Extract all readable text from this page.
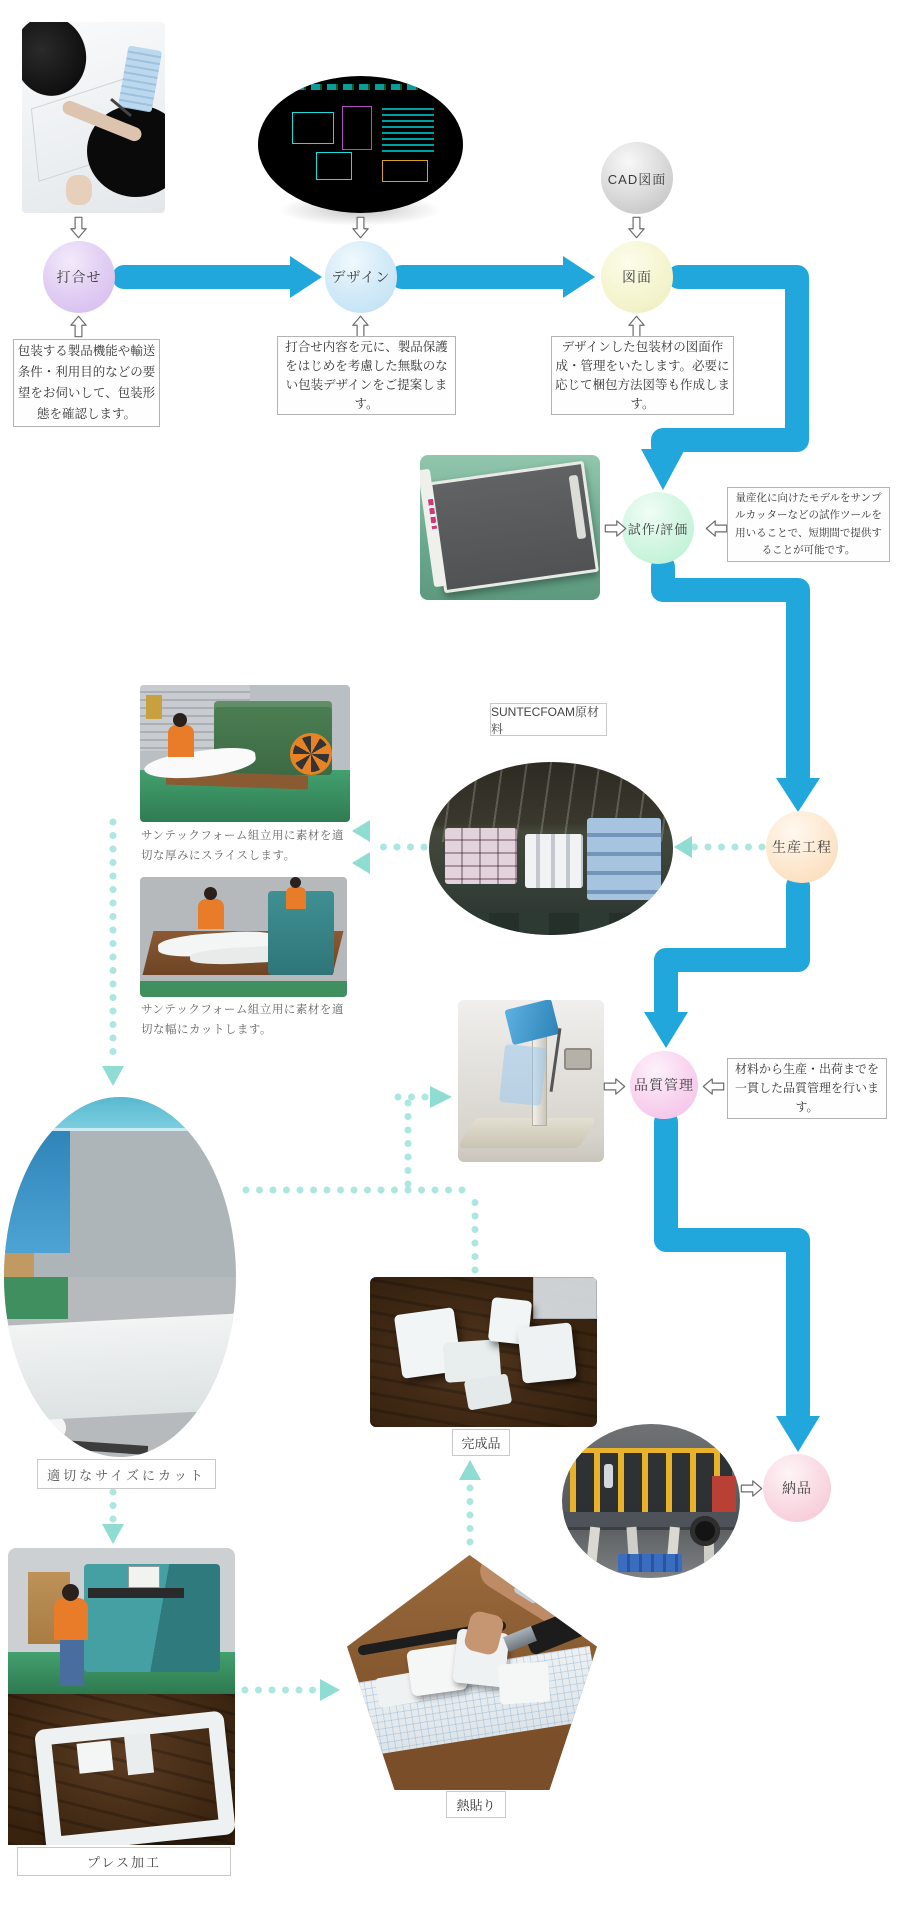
打合せ	デザイン
CAD図面
図面
試作/評価
生産工程
品質管理
納品
包装する製品機能や輸送条件・利用目的などの要望をお伺いして、包装形態を確認します。
打合せ内容を元に、製品保護をはじめを考慮した無駄のない包装デザインをご提案します。
デザインした包装材の図面作成・管理をいたします。必要に応じて梱包方法図等も作成します。
量産化に向けたモデルをサンプルカッターなどの試作ツールを用いることで、短期間で提供することが可能です。
材料から生産・出荷までを一貫した品質管理を行います。
SUNTECFOAM原材料
サンテックフォーム組立用に素材を適切な厚みにスライスします。
サンテックフォーム組立用に素材を適切な幅にカットします。
適切なサイズにカット
プレス加工
完成品
熱貼り
